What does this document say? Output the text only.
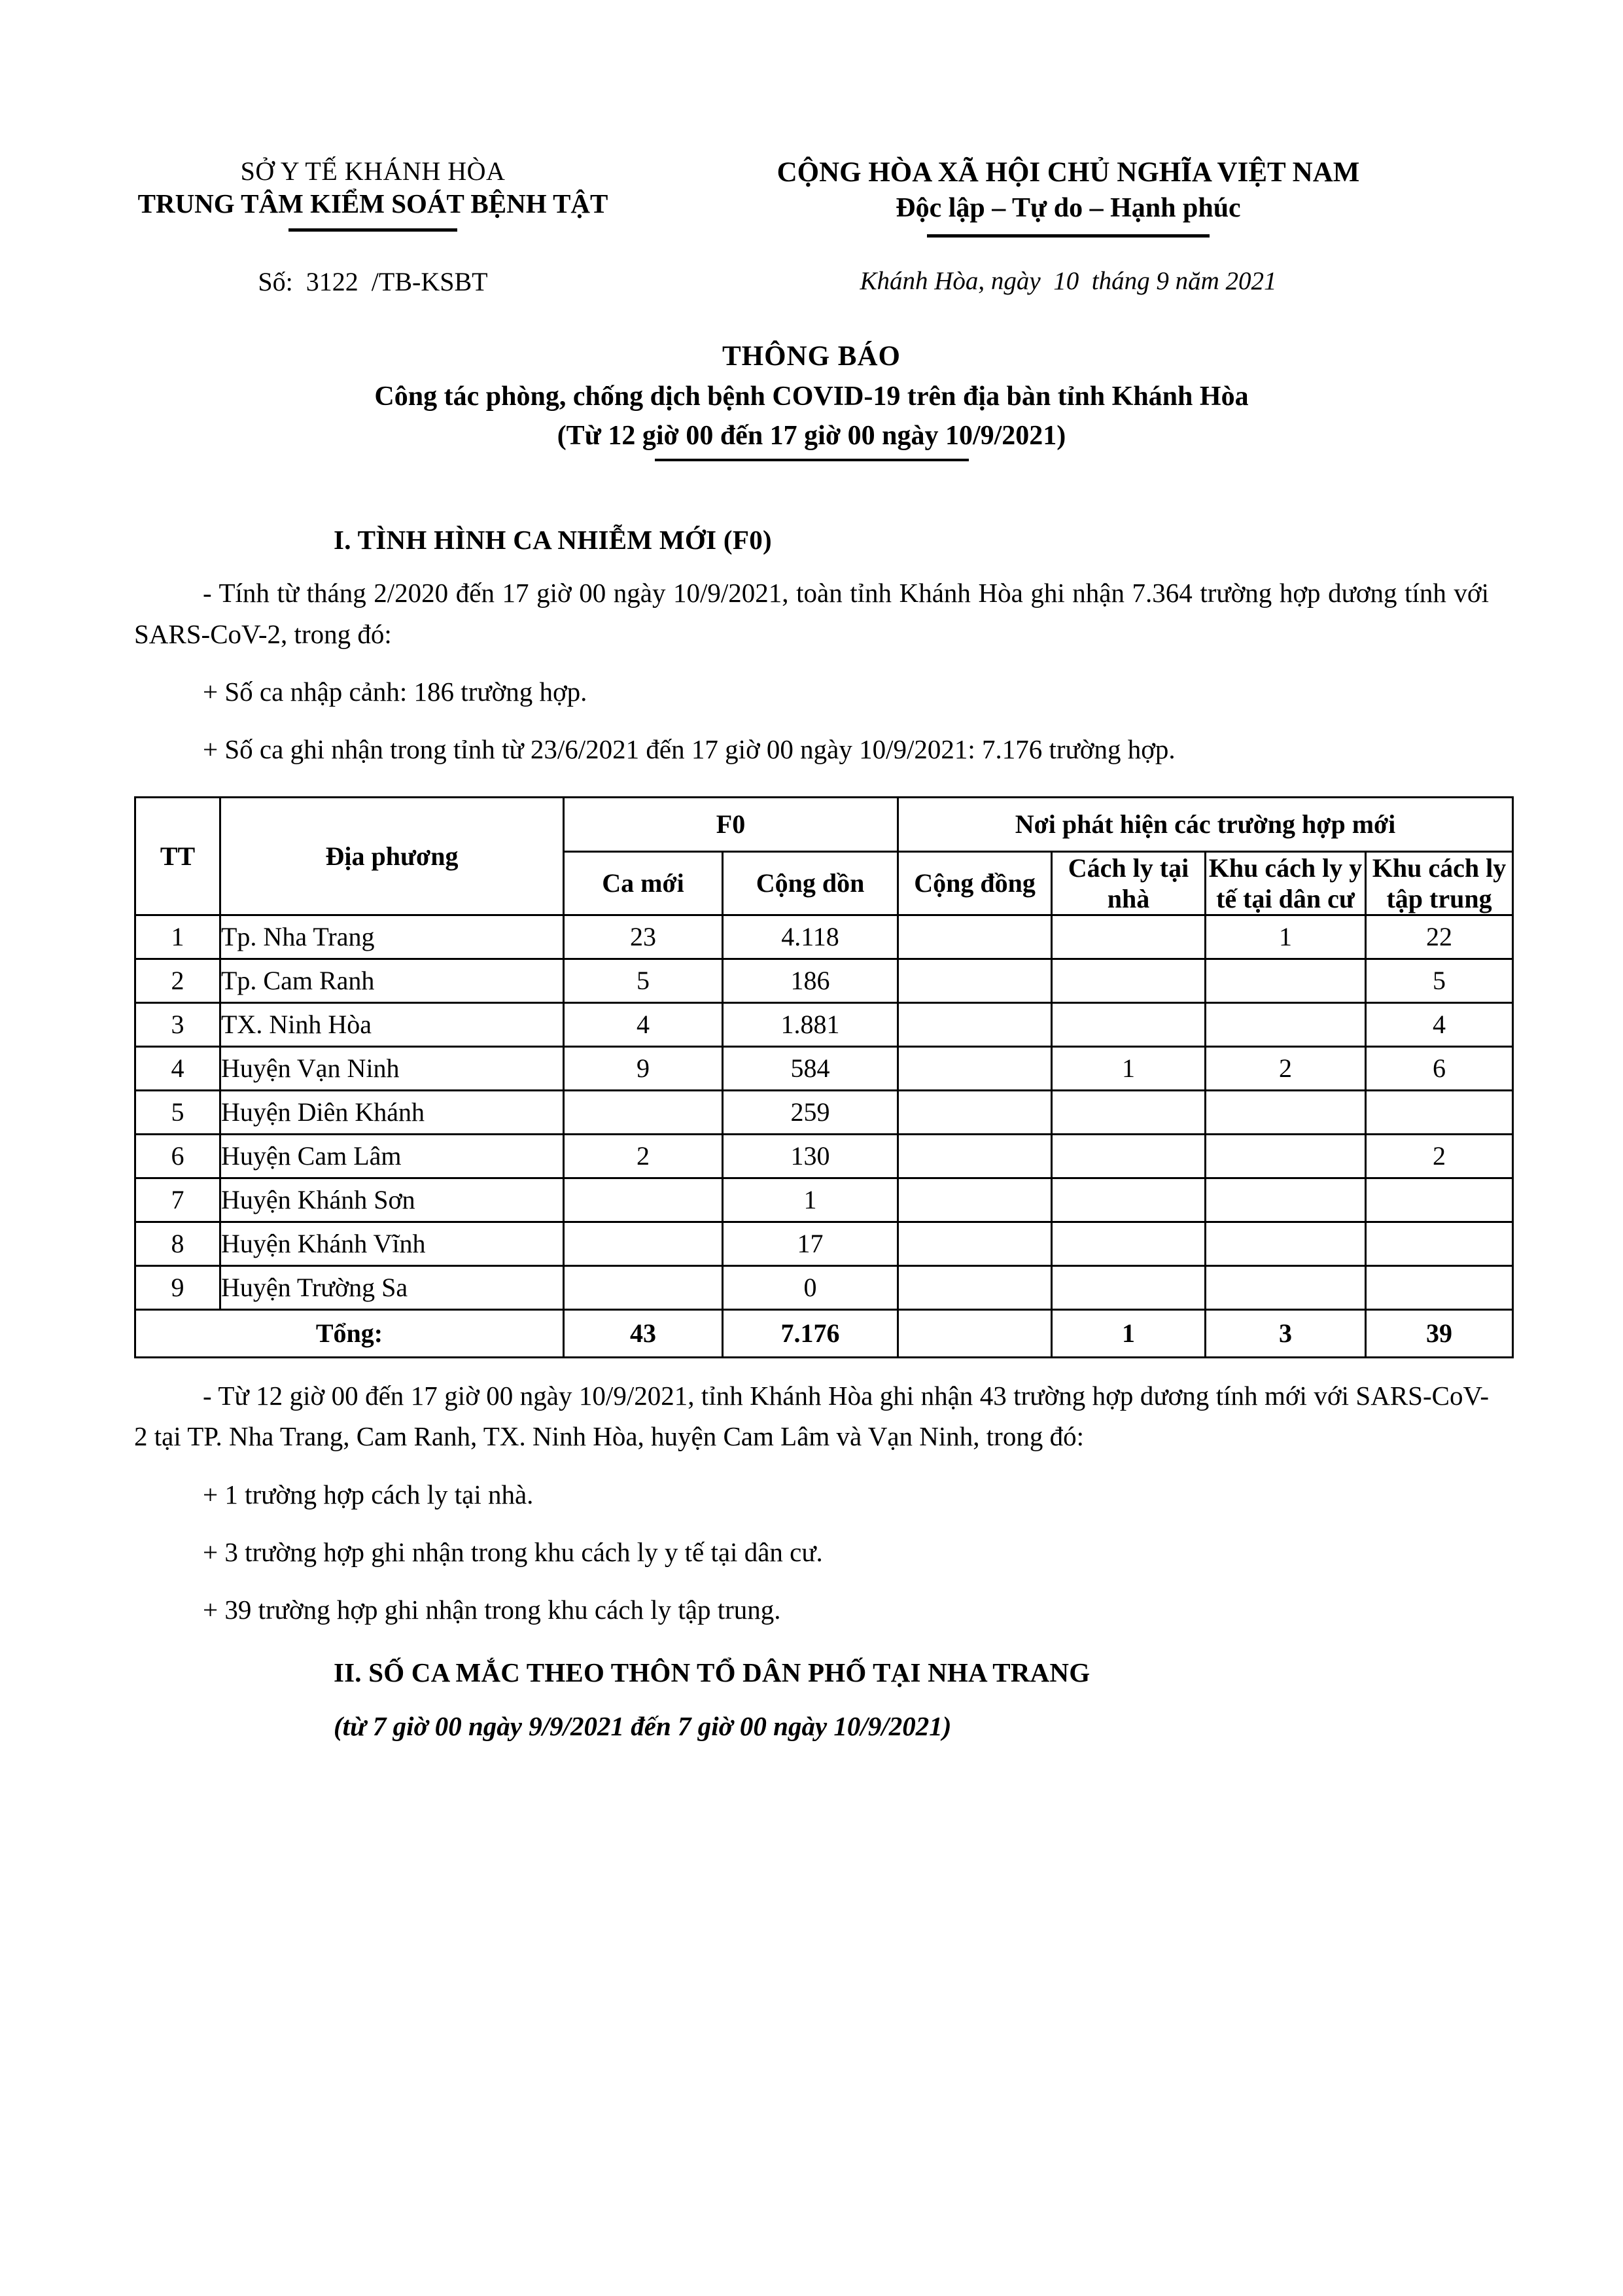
SỞ Y TẾ KHÁNH HÒA
TRUNG TÂM KIỂM SOÁT BỆNH TẬT
CỘNG HÒA XÃ HỘI CHỦ NGHĨA VIỆT NAM
Độc lập – Tự do – Hạnh phúc
Số:  3122  /TB-KSBT	Khánh Hòa, ngày  10  tháng 9 năm 2021
THÔNG BÁO
Công tác phòng, chống dịch bệnh COVID-19 trên địa bàn tỉnh Khánh Hòa
(Từ 12 giờ 00 đến 17 giờ 00 ngày 10/9/2021)
I. TÌNH HÌNH CA NHIỄM MỚI (F0)

- Tính từ tháng 2/2020 đến 17 giờ 00 ngày 10/9/2021, toàn tỉnh Khánh Hòa ghi nhận 7.364 trường hợp dương tính với SARS-CoV-2, trong đó:

+ Số ca nhập cảnh: 186 trường hợp.

+ Số ca ghi nhận trong tỉnh từ 23/6/2021 đến 17 giờ 00 ngày 10/9/2021: 7.176 trường hợp.

TT	Địa phương	F0		Nơi phát hiện các trường hợp mới			
		Ca mới	Cộng dồn	Cộng đồng	Cách ly tại nhà	Khu cách ly y tế tại dân cư	Khu cách ly tập trung
1	Tp. Nha Trang	23	4.118			1	22
2	Tp. Cam Ranh	5	186				5
3	TX. Ninh Hòa	4	1.881				4
4	Huyện Vạn Ninh	9	584		1	2	6
5	Huyện Diên Khánh		259				
6	Huyện Cam Lâm	2	130				2
7	Huyện Khánh Sơn		1				
8	Huyện Khánh Vĩnh		17				
9	Huyện Trường Sa		0				
Tổng:		43	7.176		1	3	39

- Từ 12 giờ 00 đến 17 giờ 00 ngày 10/9/2021, tỉnh Khánh Hòa ghi nhận 43 trường hợp dương tính mới với SARS-CoV-2 tại TP. Nha Trang, Cam Ranh, TX. Ninh Hòa, huyện Cam Lâm và Vạn Ninh, trong đó:

+ 1 trường hợp cách ly tại nhà.

+ 3 trường hợp ghi nhận trong khu cách ly y tế tại dân cư.

+ 39 trường hợp ghi nhận trong khu cách ly tập trung.

II. SỐ CA MẮC THEO THÔN TỔ DÂN PHỐ TẠI NHA TRANG
(từ 7 giờ 00 ngày 9/9/2021 đến 7 giờ 00 ngày 10/9/2021)
